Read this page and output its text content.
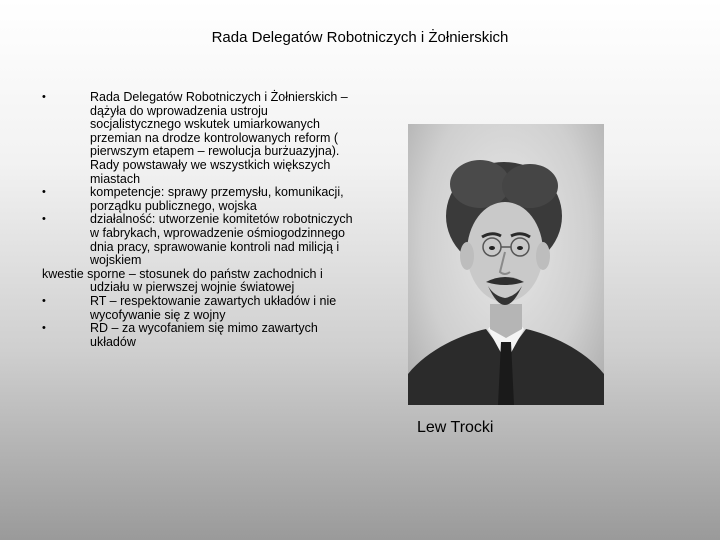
Rada Delegatów Robotniczych i Żołnierskich
•	Rada Delegatów Robotniczych i Żołnierskich – dążyła do wprowadzenia ustroju socjalistycznego wskutek umiarkowanych przemian na drodze kontrolowanych reform ( pierwszym etapem – rewolucja burżuazyjna). Rady powstawały we wszystkich większych miastach
•	kompetencje: sprawy przemysłu, komunikacji, porządku publicznego, wojska
•	działalność: utworzenie komitetów robotniczych w fabrykach, wprowadzenie ośmiogodzinnego dnia pracy, sprawowanie kontroli nad milicją i wojskiem
kwestie sporne – stosunek do państw zachodnich i udziału w pierwszej wojnie światowej
•	RT – respektowanie zawartych układów i nie wycofywanie się z wojny
•	RD – za wycofaniem się mimo zawartych układów
Lew Trocki
